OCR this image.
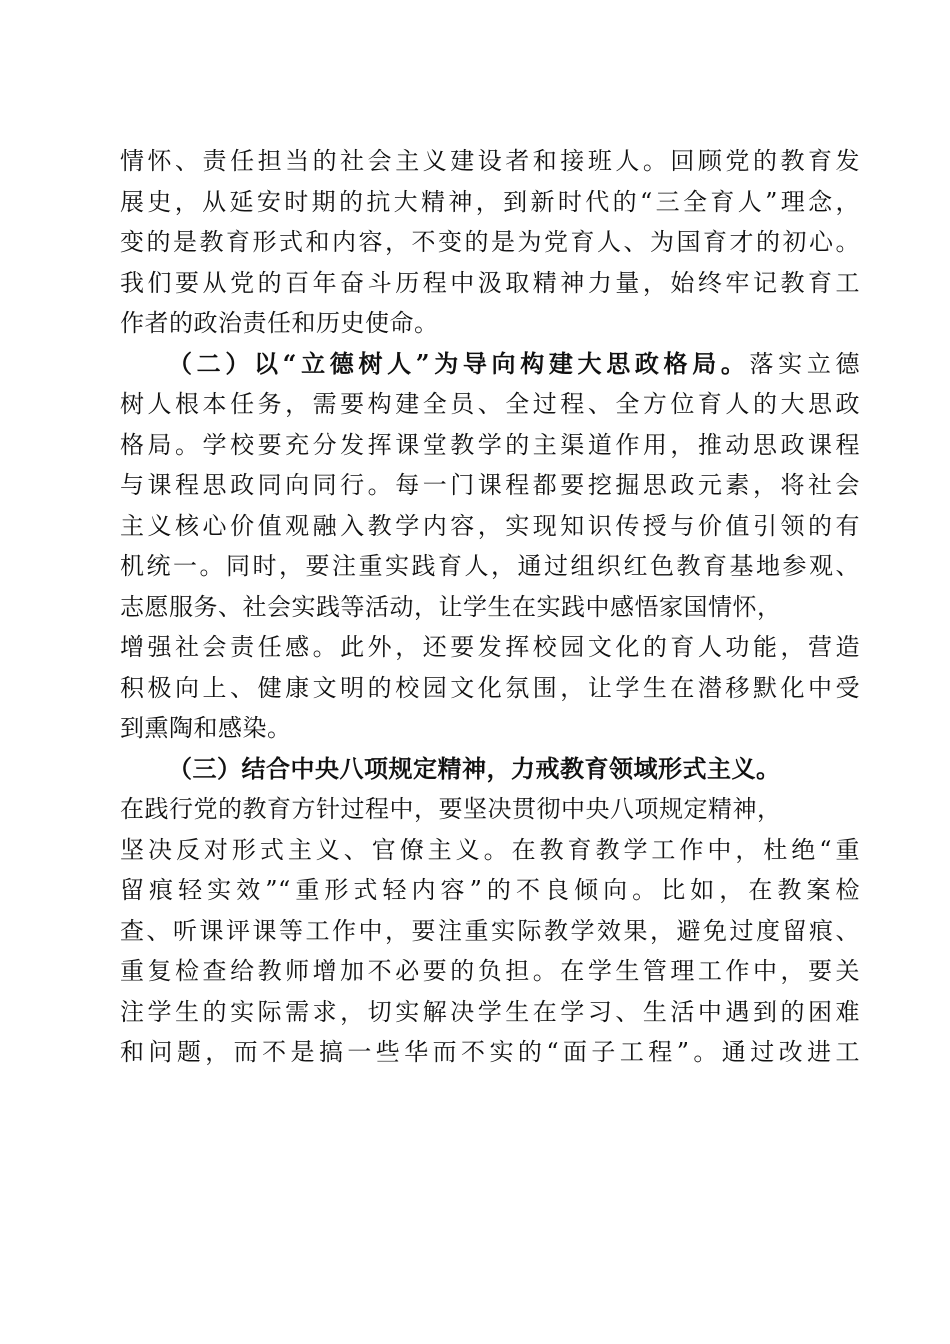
情怀、责任担当的社会主义建设者和接班人。回顾党的教育发
展史，从延安时期的抗大精神，到新时代的“三全育人”理念，
变的是教育形式和内容，不变的是为党育人、为国育才的初心。
我们要从党的百年奋斗历程中汲取精神力量，始终牢记教育工
作者的政治责任和历史使命。
（二）以“立德树人”为导向构建大思政格局。落实立德
树人根本任务，需要构建全员、全过程、全方位育人的大思政
格局。学校要充分发挥课堂教学的主渠道作用，推动思政课程
与课程思政同向同行。每一门课程都要挖掘思政元素，将社会
主义核心价值观融入教学内容，实现知识传授与价值引领的有
机统一。同时，要注重实践育人，通过组织红色教育基地参观、
志愿服务、社会实践等活动，让学生在实践中感悟家国情怀，
增强社会责任感。此外，还要发挥校园文化的育人功能，营造
积极向上、健康文明的校园文化氛围，让学生在潜移默化中受
到熏陶和感染。
（三）结合中央八项规定精神，力戒教育领域形式主义。
在践行党的教育方针过程中，要坚决贯彻中央八项规定精神，
坚决反对形式主义、官僚主义。在教育教学工作中，杜绝“重
留痕轻实效”“重形式轻内容”的不良倾向。比如，在教案检
查、听课评课等工作中，要注重实际教学效果，避免过度留痕、
重复检查给教师增加不必要的负担。在学生管理工作中，要关
注学生的实际需求，切实解决学生在学习、生活中遇到的困难
和问题，而不是搞一些华而不实的“面子工程”。通过改进工
